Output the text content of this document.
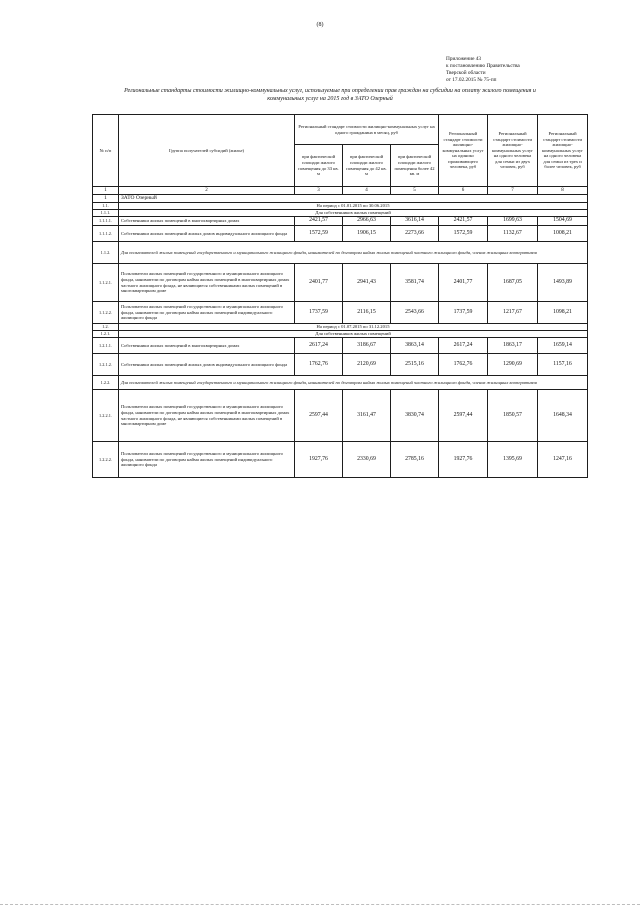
(8)
Приложение 43
к постановлению Правительства
Тверской области
от 17.02.2015 № 75-пп
Региональные стандарты стоимости жилищно-коммунальных услуг, используемые при определении прав граждан на субсидии на оплату жилого помещения и коммунальных услуг на 2015 год в ЗАТО Озерный
№ п/п	Группа получателей субсидий (жилье)	Региональный стандарт стоимости жилищно-коммунальных услуг на одного гражданина в месяц, руб			Региональный стандарт стоимости жилищно-коммунальных услуг на одиноко проживающего человека, руб	Региональный стандарт стоимости жилищно-коммунальных услуг на одного человека для семьи из двух человек, руб	Региональный стандарт стоимости жилищно-коммунальных услуг на одного человека для семьи из трех и более человек, руб
		при фактической площади жилого помещения до 33 кв. м	при фактической площади жилого помещения до 42 кв. м	при фактической площади жилого помещения более 42 кв. м			
1	2	3	4	5	6	7	8
1	ЗАТО Озерный						
1.1.	На период с 01.01.2015 по 30.06.2015						
1.1.1.	Для собственников жилых помещений						
1.1.1.1.	Собственники жилых помещений в многоквартирных домах	2421,57	2966,63	3616,14	2421,57	1699,63	1504,69
1.1.1.2.	Собственники жилых помещений жилых домов индивидуального жилищного фонда	1572,59	1906,15	2273,66	1572,59	1132,67	1008,21
1.1.2.	Для пользователей жилых помещений государственного и муниципального жилищного фонда, нанимателей по договорам найма жилых помещений частного жилищного фонда, членов жилищных кооперативов						
1.1.2.1.	Пользователи жилых помещений государственного и муниципального жилищного фонда, наниматели по договорам найма жилых помещений в многоквартирных домах частного жилищного фонда, не являющиеся собственниками жилых помещений в многоквартирном доме	2401,77	2941,43	3581,74	2401,77	1687,05	1493,89
1.1.2.2.	Пользователи жилых помещений государственного и муниципального жилищного фонда, наниматели по договорам найма жилых помещений индивидуального жилищного фонда	1737,59	2116,15	2543,66	1737,59	1217,67	1098,21
1.2.	На период с 01.07.2015 по 31.12.2015						
1.2.1.	Для собственников жилых помещений						
1.2.1.1.	Собственники жилых помещений в многоквартирных домах	2617,24	3186,67	3863,14	2617,24	1863,17	1659,14
1.2.1.2.	Собственники жилых помещений жилых домов индивидуального жилищного фонда	1762,76	2120,69	2515,16	1762,76	1290,69	1157,16
1.2.2.	Для пользователей жилых помещений государственного и муниципального жилищного фонда, нанимателей по договорам найма жилых помещений частного жилищного фонда, членов жилищных кооперативов						
1.2.2.1.	Пользователи жилых помещений государственного и муниципального жилищного фонда, наниматели по договорам найма жилых помещений в многоквартирных домах частного жилищного фонда, не являющиеся собственниками жилых помещений в многоквартирном доме	2597,44	3161,47	3830,74	2597,44	1850,57	1648,34
1.2.2.2.	Пользователи жилых помещений государственного и муниципального жилищного фонда, наниматели по договорам найма жилых помещений индивидуального жилищного фонда	1927,76	2330,69	2785,16	1927,76	1395,69	1247,16
